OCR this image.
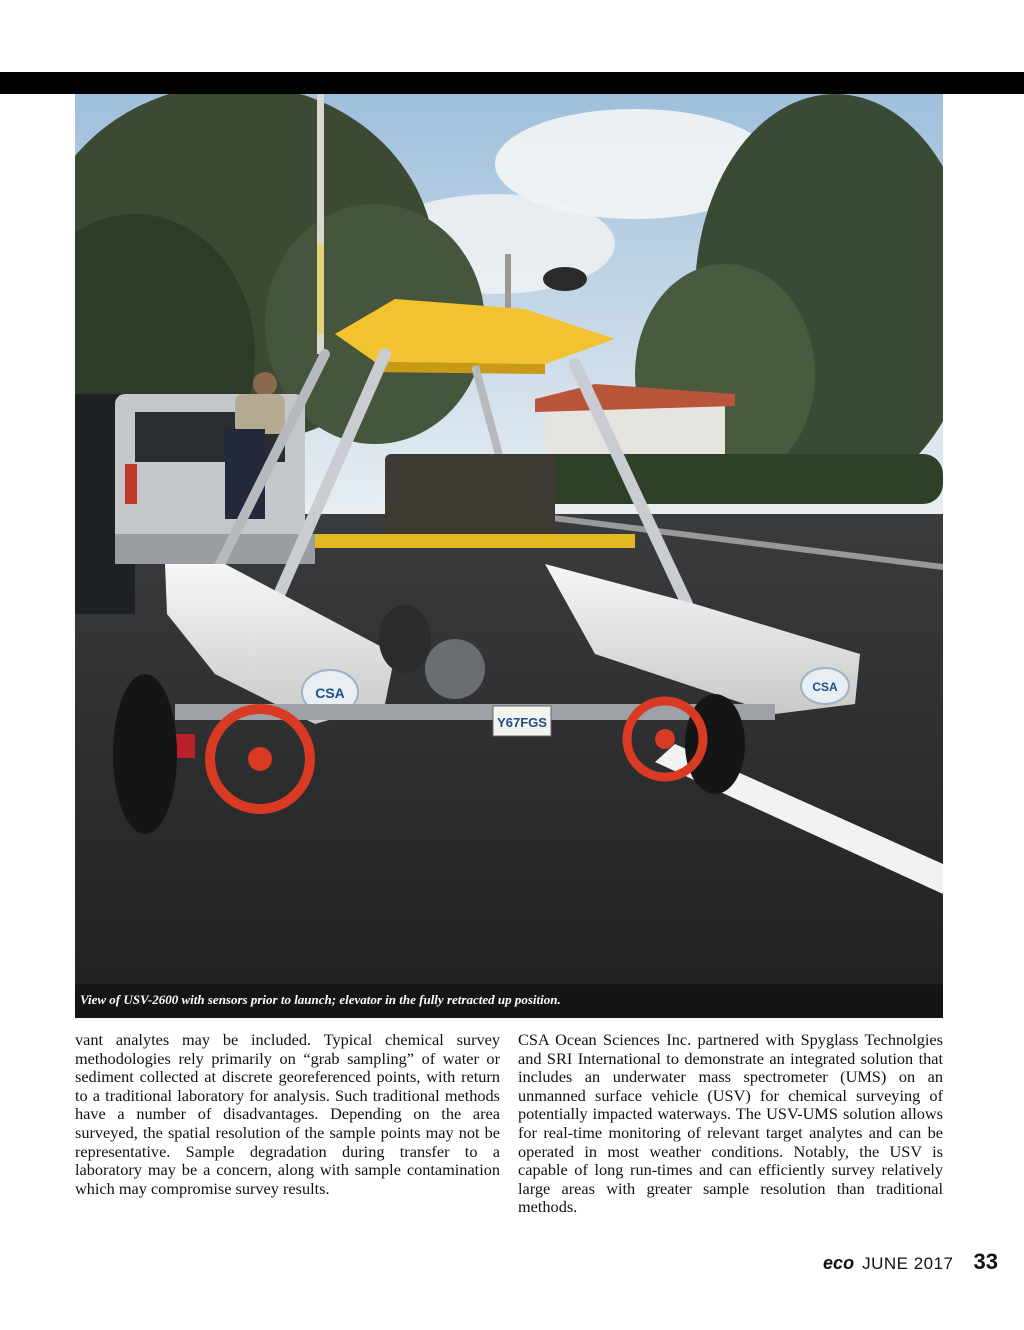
CSA	CSA
Y67FGS
View of USV-2600 with sensors prior to launch; elevator in the fully retracted up position.
vant analytes may be included. Typical chemical survey methodologies rely primarily on “grab sampling” of water or sediment collected at discrete georeferenced points, with return to a traditional laboratory for analysis. Such traditional methods have a number of disadvantages. Depending on the area surveyed, the spatial resolution of the sample points may not be representative. Sample degradation during transfer to a laboratory may be a concern, along with sample contamination which may compromise survey results.
CSA Ocean Sciences Inc. partnered with Spyglass Technolgies and SRI International to demonstrate an integrated solution that includes an underwater mass spectrometer (UMS) on an unmanned surface vehicle (USV) for chemical surveying of potentially impacted waterways. The USV-UMS solution allows for real-time monitoring of relevant target analytes and can be operated in most weather conditions. Notably, the USV is capable of long run-times and can efficiently survey relatively large areas with greater sample resolution than traditional methods.
eco JUNE 2017 33
